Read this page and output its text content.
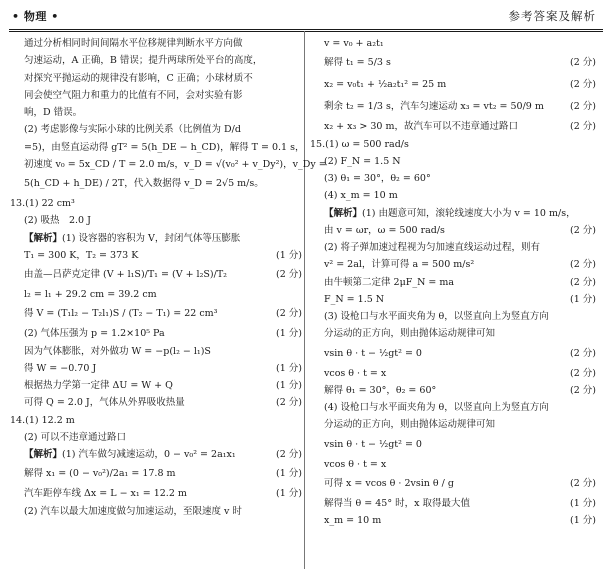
• 物理 •	参考答案及解析
通过分析相同时间间隔水平位移规律判断水平方向做
匀速运动，A 正确，B 错误；提升两球所处平台的高度，
对探究平抛运动的规律没有影响，C 正确；小球材质不
同会使空气阻力和重力的比值有不同，会对实验有影
响，D 错误。
(2) 考虑影像与实际小球的比例关系（比例值为 D/d
=5)，由竖直运动得 gT² = 5(h_DE − h_CD)，解得 T = 0.1 s，
初速度 v₀ = 5x_CD / T = 2.0 m/s，v_D = √(v₀² + v_Dy²)，v_Dy =
5(h_CD + h_DE) / 2T，代入数据得 v_D = 2√5 m/s。
13.(1) 22 cm³
(2) 吸热　2.0 J
【解析】(1) 设容器的容积为 V，封闭气体等压膨胀
T₁ = 300 K，T₂ = 373 K	(1 分)
由盖—吕萨克定律 (V + l₁S)/T₁ = (V + l₂S)/T₂	(2 分)
l₂ = l₁ + 29.2 cm = 39.2 cm
得 V = (T₁l₂ − T₂l₁)S / (T₂ − T₁) = 22 cm³	(2 分)
(2) 气体压强为 p = 1.2×10⁵ Pa	(1 分)
因为气体膨胀，对外做功 W = −p(l₂ − l₁)S
得 W = −0.70 J	(1 分)
根据热力学第一定律 ΔU = W + Q	(1 分)
可得 Q = 2.0 J，气体从外界吸收热量	(2 分)
14.(1) 12.2 m
(2) 可以不违章通过路口
【解析】(1) 汽车做匀减速运动，0 − v₀² = 2a₁x₁	(2 分)
解得 x₁ = (0 − v₀²)/2a₁ = 17.8 m	(1 分)
汽车距停车线 Δx = L − x₁ = 12.2 m	(1 分)
(2) 汽车以最大加速度做匀加速运动，至限速度 v 时
v = v₀ + a₂t₁
解得 t₁ = 5/3 s	(2 分)
x₂ = v₀t₁ + ½a₂t₁² = 25 m	(2 分)
剩余 t₂ = 1/3 s，汽车匀速运动 x₃ = vt₂ = 50/9 m	(2 分)
x₂ + x₃ > 30 m，故汽车可以不违章通过路口	(2 分)
15.(1) ω = 500 rad/s
(2) F_N = 1.5 N
(3) θ₁ = 30°，θ₂ = 60°
(4) x_m = 10 m
【解析】(1) 由题意可知，滚轮线速度大小为 v = 10 m/s，
由 v = ωr，ω = 500 rad/s	(2 分)
(2) 将子弹加速过程视为匀加速直线运动过程，则有
v² = 2al，计算可得 a = 500 m/s²	(2 分)
由牛顿第二定律 2μF_N = ma	(2 分)
F_N = 1.5 N	(1 分)
(3) 设枪口与水平面夹角为 θ，以竖直向上为竖直方向
分运动的正方向，则由抛体运动规律可知
vsin θ · t − ½gt² = 0	(2 分)
vcos θ · t = x	(2 分)
解得 θ₁ = 30°，θ₂ = 60°	(2 分)
(4) 设枪口与水平面夹角为 θ，以竖直向上为竖直方向
分运动的正方向，则由抛体运动规律可知
vsin θ · t − ½gt² = 0
vcos θ · t = x
可得 x = vcos θ · 2vsin θ / g	(2 分)
解得当 θ = 45° 时，x 取得最大值	(1 分)
x_m = 10 m	(1 分)
